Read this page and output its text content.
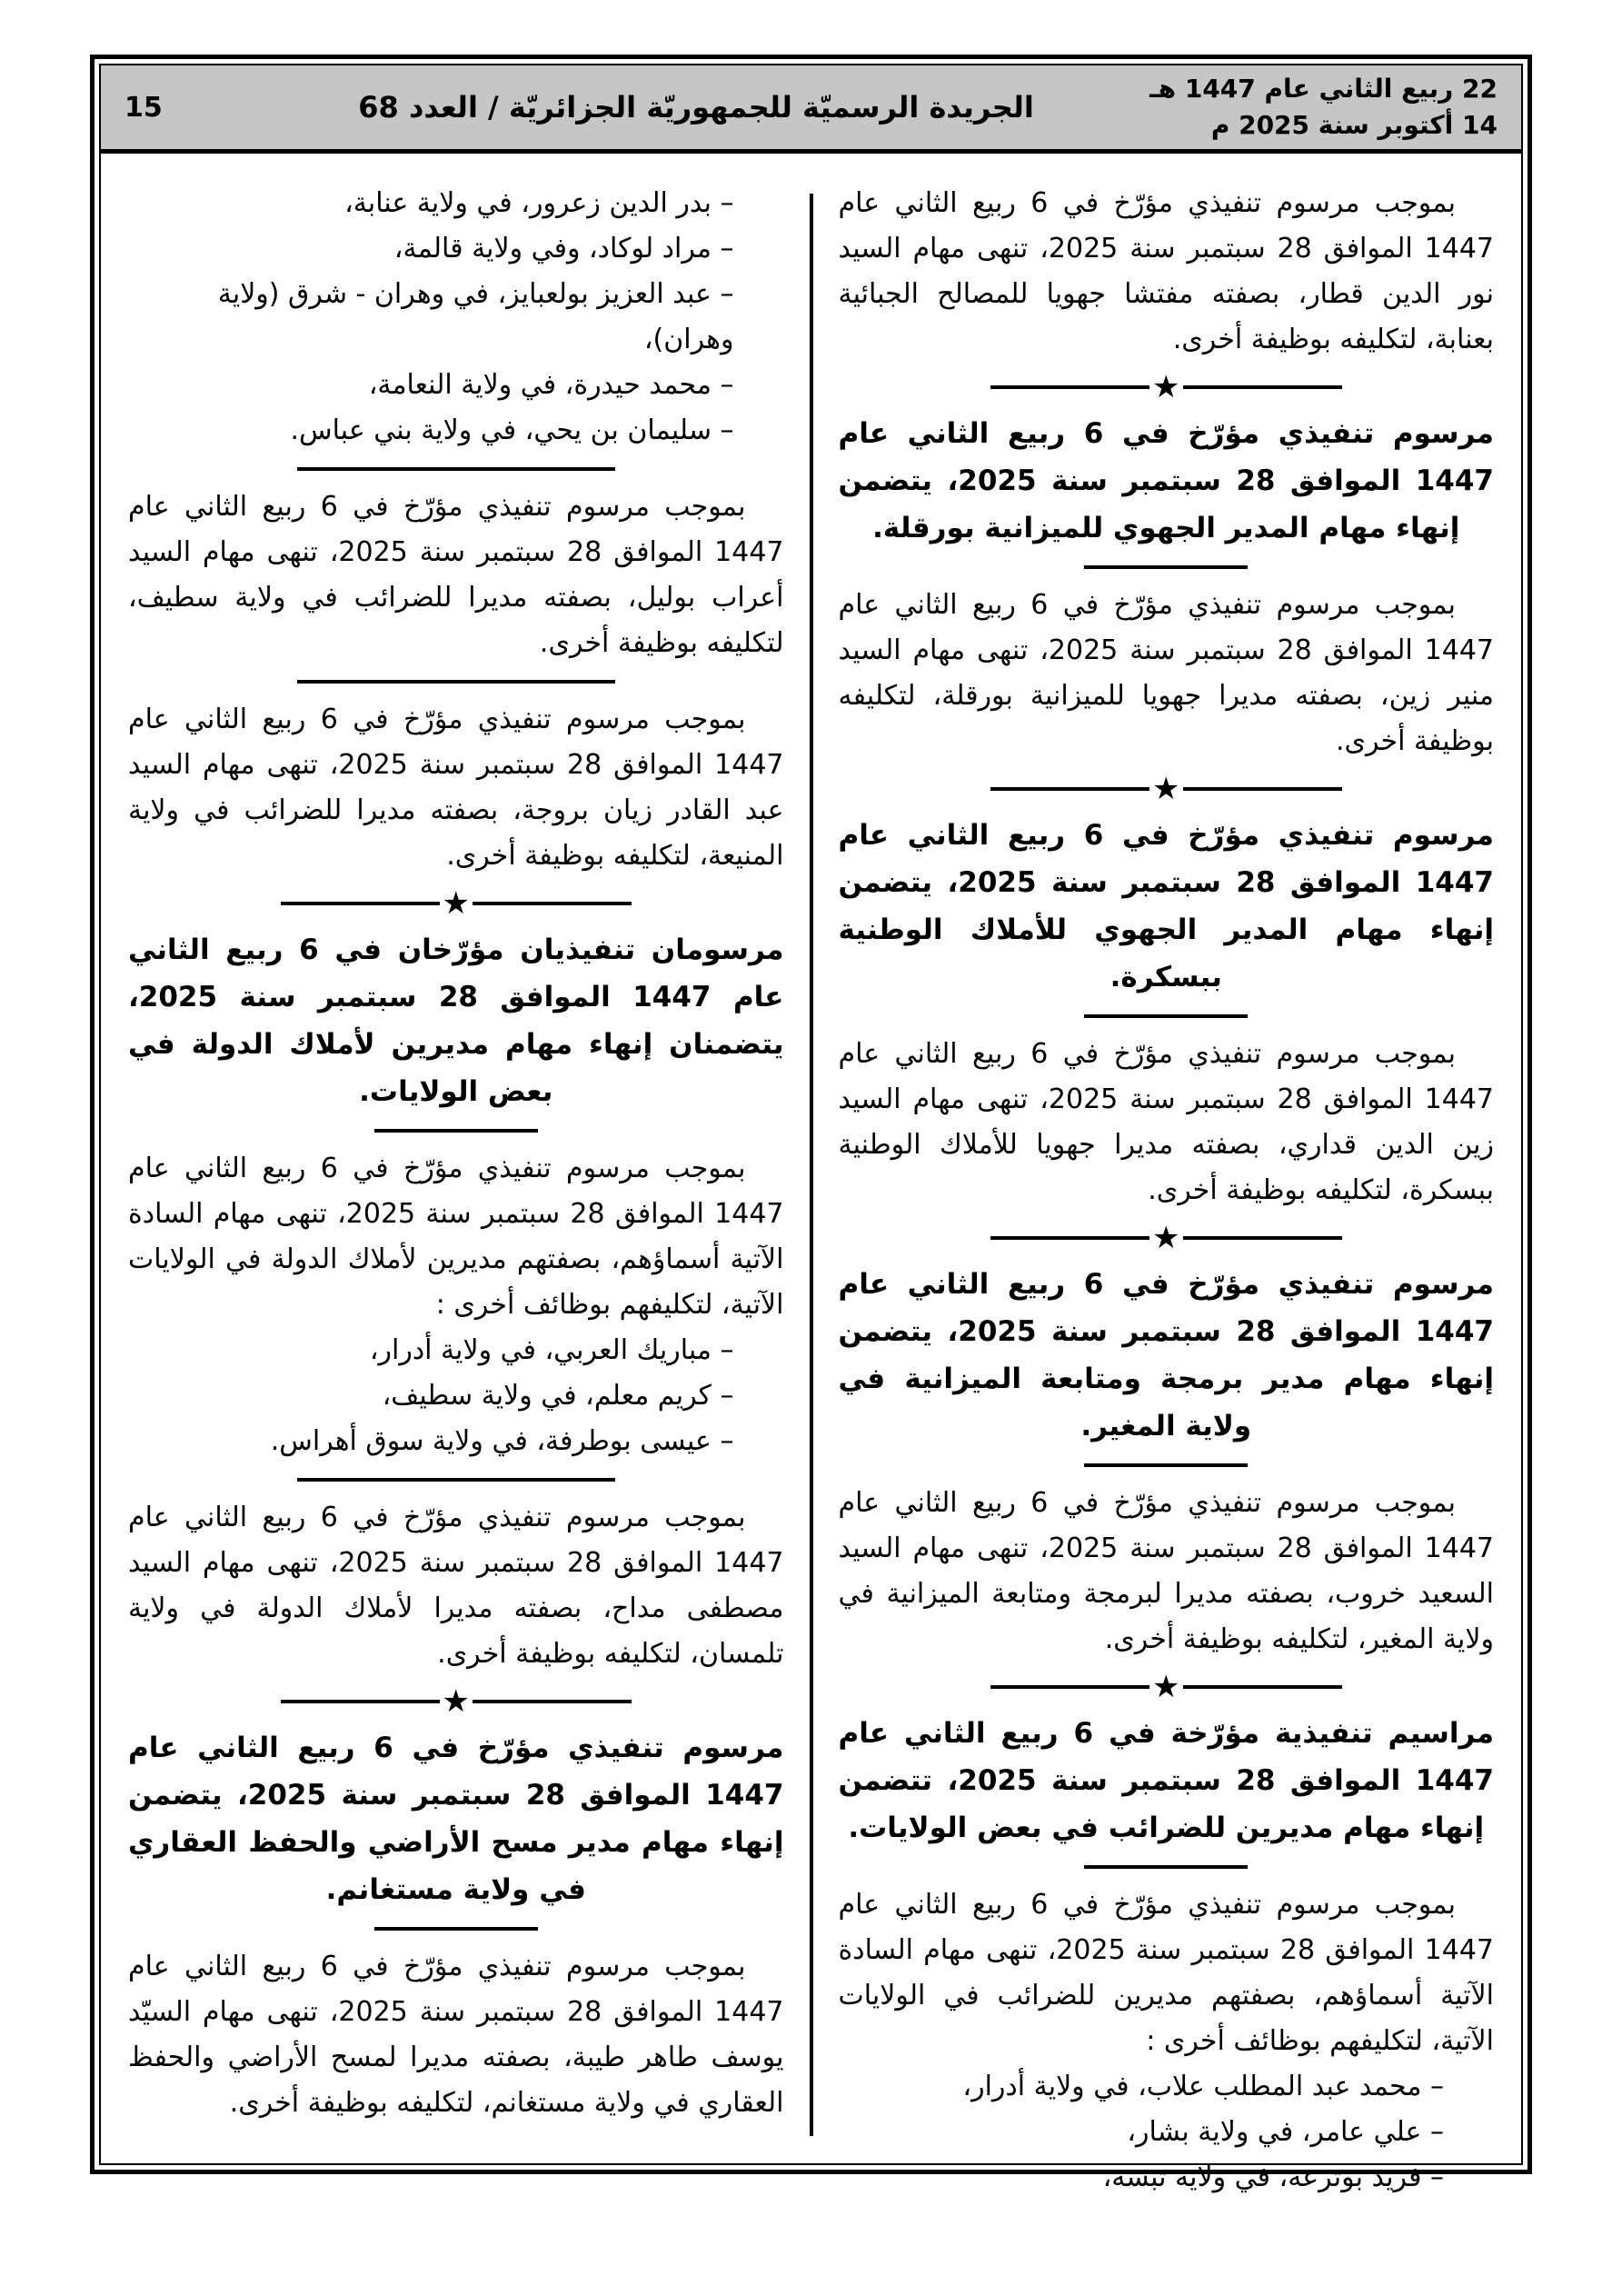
22 ربيع الثاني عام 1447 هـ
14 أكتوبر سنة 2025 م
الجريدة الرسميّة للجمهوريّة الجزائريّة / العدد 68
15

بموجب مرسوم تنفيذي مؤرّخ في 6 ربيع الثاني عام 1447 الموافق 28 سبتمبر سنة 2025، تنهى مهام السيد نور الدين قطار، بصفته مفتشا جهويا للمصالح الجبائية بعنابة، لتكليفه بوظيفة أخرى.

★

مرسوم تنفيذي مؤرّخ في 6 ربيع الثاني عام 1447 الموافق 28 سبتمبر سنة 2025، يتضمن إنهاء مهام المدير الجهوي للميزانية بورقلة.

بموجب مرسوم تنفيذي مؤرّخ في 6 ربيع الثاني عام 1447 الموافق 28 سبتمبر سنة 2025، تنهى مهام السيد منير زين، بصفته مديرا جهويا للميزانية بورقلة، لتكليفه بوظيفة أخرى.

★

مرسوم تنفيذي مؤرّخ في 6 ربيع الثاني عام 1447 الموافق 28 سبتمبر سنة 2025، يتضمن إنهاء مهام المدير الجهوي للأملاك الوطنية ببسكرة.

بموجب مرسوم تنفيذي مؤرّخ في 6 ربيع الثاني عام 1447 الموافق 28 سبتمبر سنة 2025، تنهى مهام السيد زين الدين قداري، بصفته مديرا جهويا للأملاك الوطنية ببسكرة، لتكليفه بوظيفة أخرى.

★

مرسوم تنفيذي مؤرّخ في 6 ربيع الثاني عام 1447 الموافق 28 سبتمبر سنة 2025، يتضمن إنهاء مهام مدير برمجة ومتابعة الميزانية في ولاية المغير.

بموجب مرسوم تنفيذي مؤرّخ في 6 ربيع الثاني عام 1447 الموافق 28 سبتمبر سنة 2025، تنهى مهام السيد السعيد خروب، بصفته مديرا لبرمجة ومتابعة الميزانية في ولاية المغير، لتكليفه بوظيفة أخرى.

★

مراسيم تنفيذية مؤرّخة في 6 ربيع الثاني عام 1447 الموافق 28 سبتمبر سنة 2025، تتضمن إنهاء مهام مديرين للضرائب في بعض الولايات.

بموجب مرسوم تنفيذي مؤرّخ في 6 ربيع الثاني عام 1447 الموافق 28 سبتمبر سنة 2025، تنهى مهام السادة الآتية أسماؤهم، بصفتهم مديرين للضرائب في الولايات الآتية، لتكليفهم بوظائف أخرى :

– محمد عبد المطلب علاب، في ولاية أدرار،
– علي عامر، في ولاية بشار،
– فريد بوترعة، في ولاية تبسة،
– بدر الدين زعرور، في ولاية عنابة،
– مراد لوكاد، وفي ولاية قالمة،
– عبد العزيز بولعبايز، في وهران - شرق (ولاية وهران)،
– محمد حيدرة، في ولاية النعامة،
– سليمان بن يحي، في ولاية بني عباس.

بموجب مرسوم تنفيذي مؤرّخ في 6 ربيع الثاني عام 1447 الموافق 28 سبتمبر سنة 2025، تنهى مهام السيد أعراب بوليل، بصفته مديرا للضرائب في ولاية سطيف، لتكليفه بوظيفة أخرى.

بموجب مرسوم تنفيذي مؤرّخ في 6 ربيع الثاني عام 1447 الموافق 28 سبتمبر سنة 2025، تنهى مهام السيد عبد القادر زيان بروجة، بصفته مديرا للضرائب في ولاية المنيعة، لتكليفه بوظيفة أخرى.

★

مرسومان تنفيذيان مؤرّخان في 6 ربيع الثاني عام 1447 الموافق 28 سبتمبر سنة 2025، يتضمنان إنهاء مهام مديرين لأملاك الدولة في بعض الولايات.

بموجب مرسوم تنفيذي مؤرّخ في 6 ربيع الثاني عام 1447 الموافق 28 سبتمبر سنة 2025، تنهى مهام السادة الآتية أسماؤهم، بصفتهم مديرين لأملاك الدولة في الولايات الآتية، لتكليفهم بوظائف أخرى :

– مباريك العربي، في ولاية أدرار،
– كريم معلم، في ولاية سطيف،
– عيسى بوطرفة، في ولاية سوق أهراس.

بموجب مرسوم تنفيذي مؤرّخ في 6 ربيع الثاني عام 1447 الموافق 28 سبتمبر سنة 2025، تنهى مهام السيد مصطفى مداح، بصفته مديرا لأملاك الدولة في ولاية تلمسان، لتكليفه بوظيفة أخرى.

★

مرسوم تنفيذي مؤرّخ في 6 ربيع الثاني عام 1447 الموافق 28 سبتمبر سنة 2025، يتضمن إنهاء مهام مدير مسح الأراضي والحفظ العقاري في ولاية مستغانم.

بموجب مرسوم تنفيذي مؤرّخ في 6 ربيع الثاني عام 1447 الموافق 28 سبتمبر سنة 2025، تنهى مهام السيّد يوسف طاهر طيبة، بصفته مديرا لمسح الأراضي والحفظ العقاري في ولاية مستغانم، لتكليفه بوظيفة أخرى.
